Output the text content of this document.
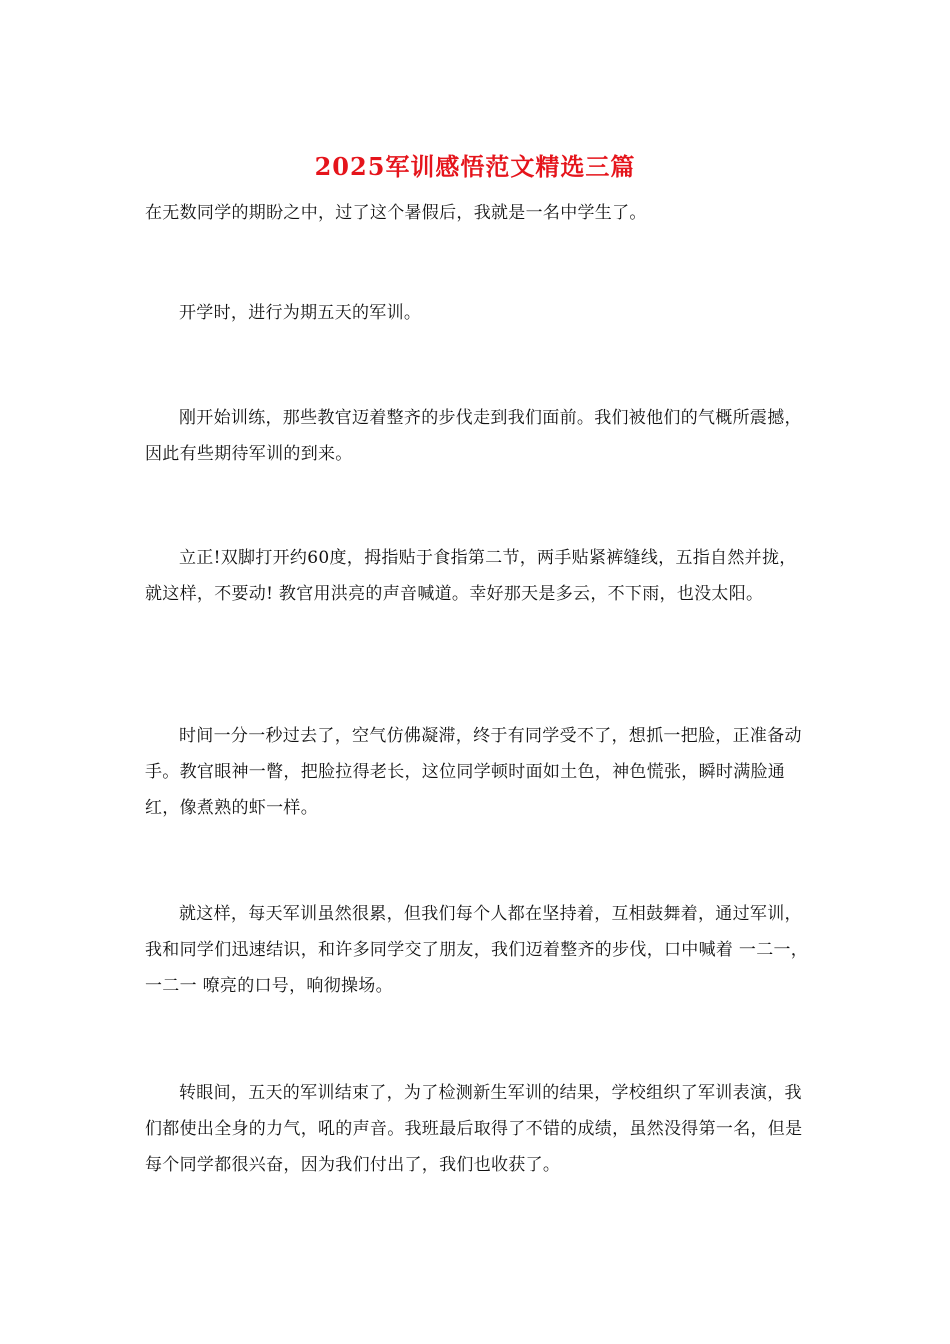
2025军训感悟范文精选三篇

在无数同学的期盼之中，过了这个暑假后，我就是一名中学生了。

开学时，进行为期五天的军训。

刚开始训练，那些教官迈着整齐的步伐走到我们面前。我们被他们的气概所震撼，因此有些期待军训的到来。

立正!双脚打开约60度，拇指贴于食指第二节，两手贴紧裤缝线，五指自然并拢，就这样，不要动! 教官用洪亮的声音喊道。幸好那天是多云，不下雨，也没太阳。

时间一分一秒过去了，空气仿佛凝滞，终于有同学受不了，想抓一把脸，正准备动手。教官眼神一瞥，把脸拉得老长，这位同学顿时面如土色，神色慌张，瞬时满脸通红，像煮熟的虾一样。

就这样，每天军训虽然很累，但我们每个人都在坚持着，互相鼓舞着，通过军训，我和同学们迅速结识，和许多同学交了朋友，我们迈着整齐的步伐，口中喊着 一二一，一二一 嘹亮的口号，响彻操场。

转眼间，五天的军训结束了，为了检测新生军训的结果，学校组织了军训表演，我们都使出全身的力气，吼的声音。我班最后取得了不错的成绩，虽然没得第一名，但是每个同学都很兴奋，因为我们付出了，我们也收获了。
